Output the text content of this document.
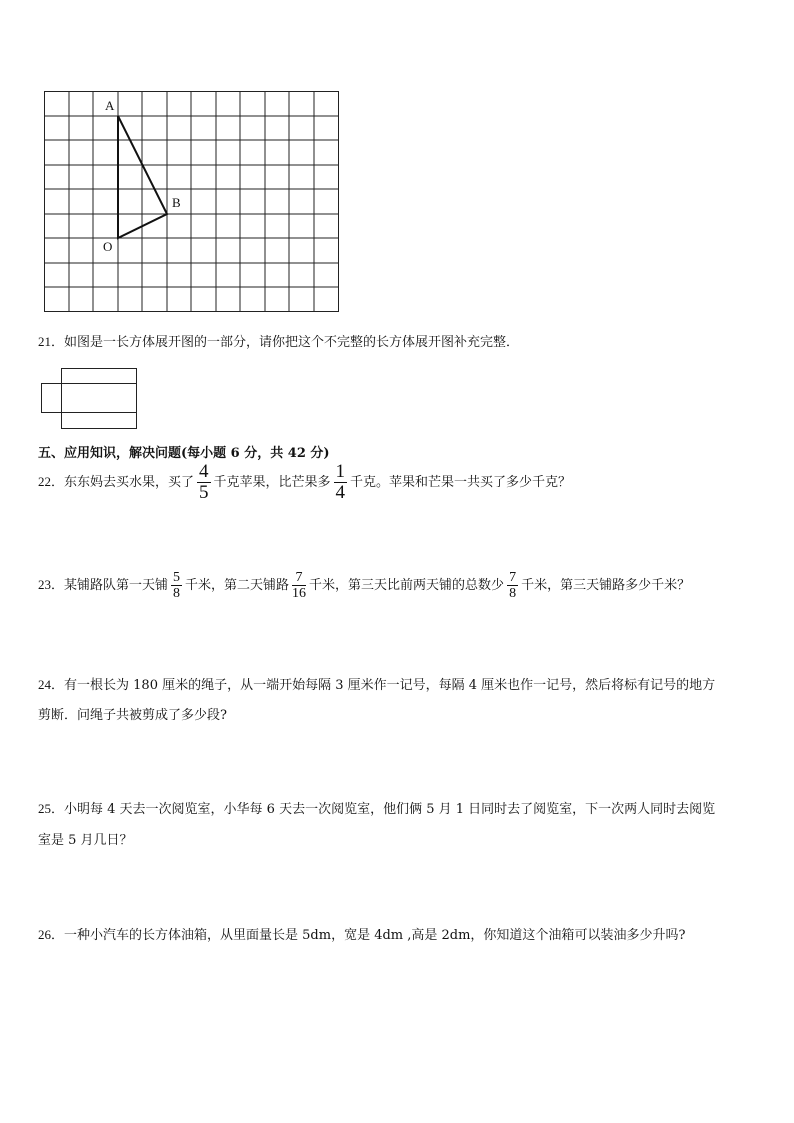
A
B
O
21．如图是一长方体展开图的一部分，请你把这个不完整的长方体展开图补充完整．
五、应用知识，解决问题(每小题 6 分，共 42 分)
22．东东妈去买水果，买了 $\frac{4}{5}$ 千克苹果，比芒果多 $\frac{1}{4}$ 千克。苹果和芒果一共买了多少千克？
23．某铺路队第一天铺 $\frac{5}{8}$ 千米，第二天铺路 $\frac{7}{16}$ 千米，第三天比前两天铺的总数少 $\frac{7}{8}$ 千米，第三天铺路多少千米？
24．有一根长为 180 厘米的绳子，从一端开始每隔 3 厘米作一记号，每隔 4 厘米也作一记号，然后将标有记号的地方
剪断．问绳子共被剪成了多少段?
25．小明每 4 天去一次阅览室，小华每 6 天去一次阅览室，他们俩 5 月 1 日同时去了阅览室，下一次两人同时去阅览
室是 5 月几日？
26．一种小汽车的长方体油箱，从里面量长是 5dm，宽是 4dm ,高是 2dm，你知道这个油箱可以装油多少升吗?
